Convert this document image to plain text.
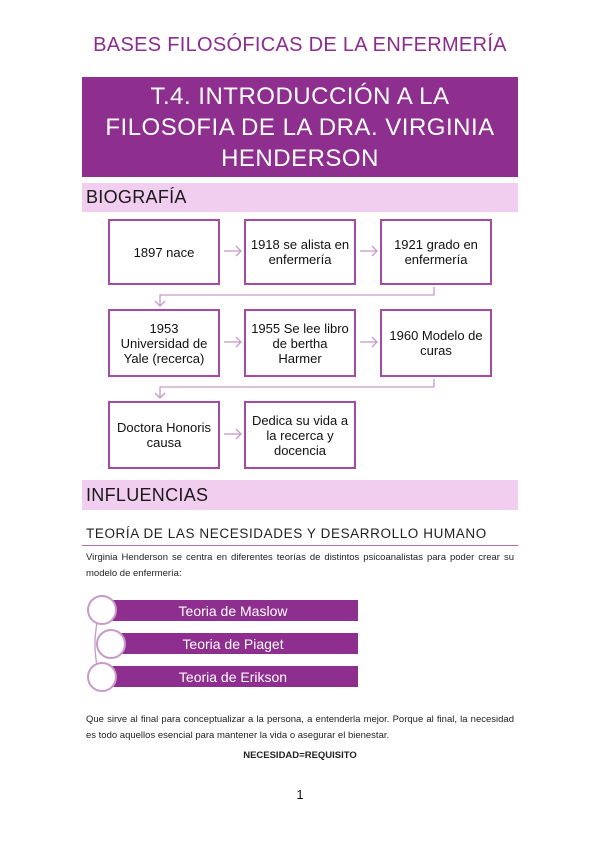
BASES FILOSÓFICAS DE LA ENFERMERÍA
T.4. INTRODUCCIÓN A LA
FILOSOFIA DE LA DRA. VIRGINIA
HENDERSON
BIOGRAFÍA
1897 nace	1918 se alista en enfermería
1921 grado en enfermería
1953 Universidad de Yale (recerca)
1955 Se lee libro de bertha Harmer
1960 Modelo de curas
Doctora Honoris causa
Dedica su vida a la recerca y docencia
INFLUENCIAS
TEORÍA DE LAS NECESIDADES Y DESARROLLO HUMANO
Virginia Henderson se centra en diferentes teorías de distintos psicoanalistas para poder crear su modelo de enfermería:
Teoria de Maslow
Teoria de Piaget
Teoria de Erikson
Que sirve al final para conceptualizar a la persona, a entenderla mejor. Porque al final, la necesidad es todo aquellos esencial para mantener la vida o asegurar el bienestar.
NECESIDAD=REQUISITO
1
